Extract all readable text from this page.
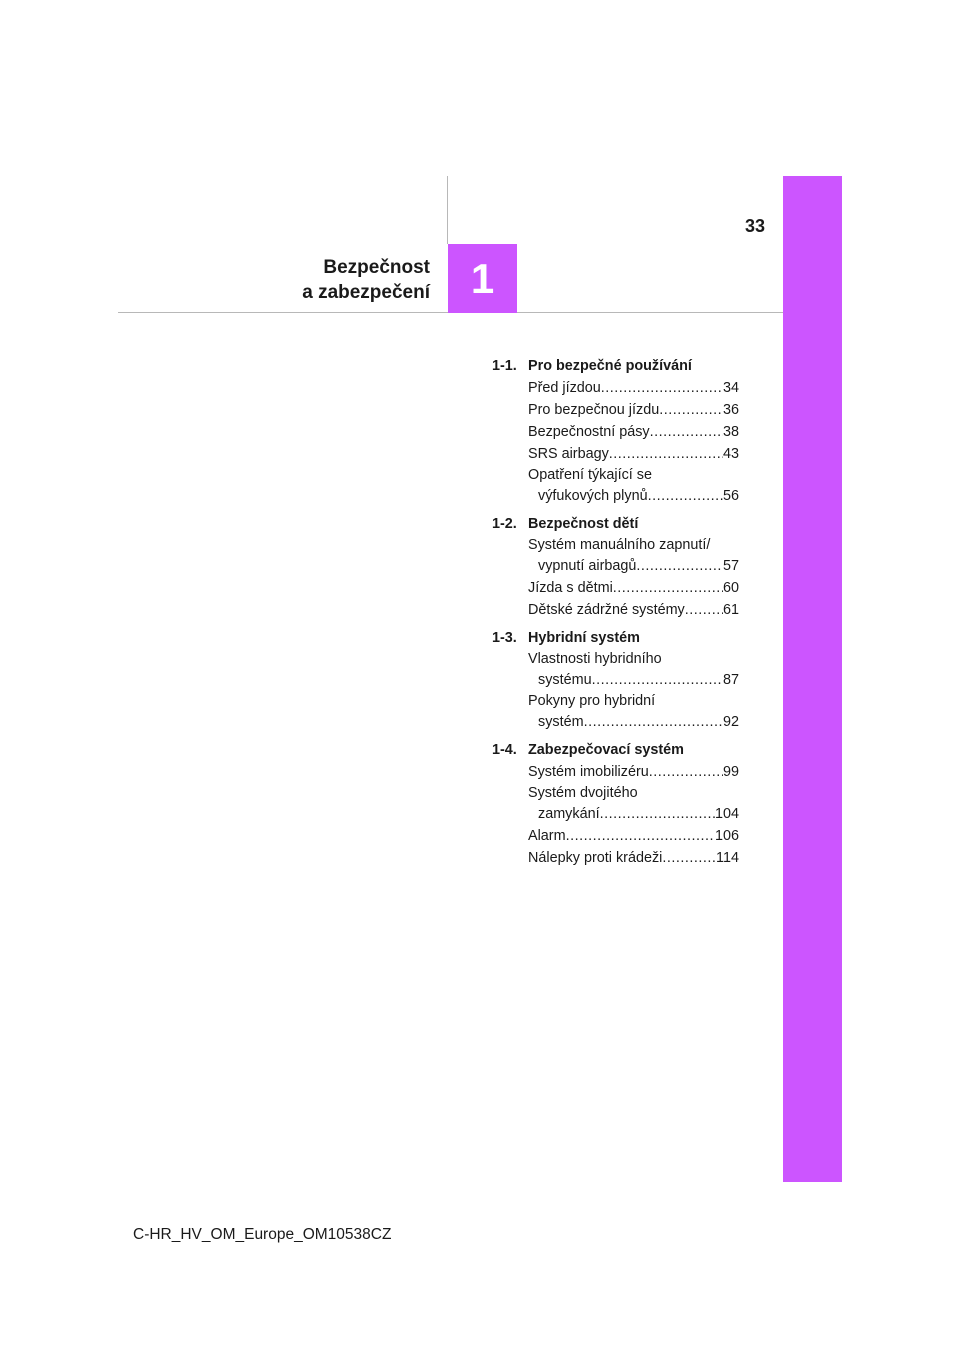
33
Bezpečnost
a zabezpečení 1
1-1. Pro bezpečné používání
Před jízdou .....	34
Pro bezpečnou jízdu .....	36
Bezpečnostní pásy .....	38
SRS airbagy .....	43
Opatření týkající se
výfukových plynů .....	56
1-2. Bezpečnost dětí
Systém manuálního zapnutí/
vypnutí airbagů .....	57
Jízda s dětmi .....	60
Dětské zádržné systémy .....	61
1-3. Hybridní systém
Vlastnosti hybridního
systému .....	87
Pokyny pro hybridní
systém .....	92
1-4. Zabezpečovací systém
Systém imobilizéru .....	99
Systém dvojitého
zamykání .....	104
Alarm .....	106
Nálepky proti krádeži .....	114
C-HR_HV_OM_Europe_OM10538CZ
